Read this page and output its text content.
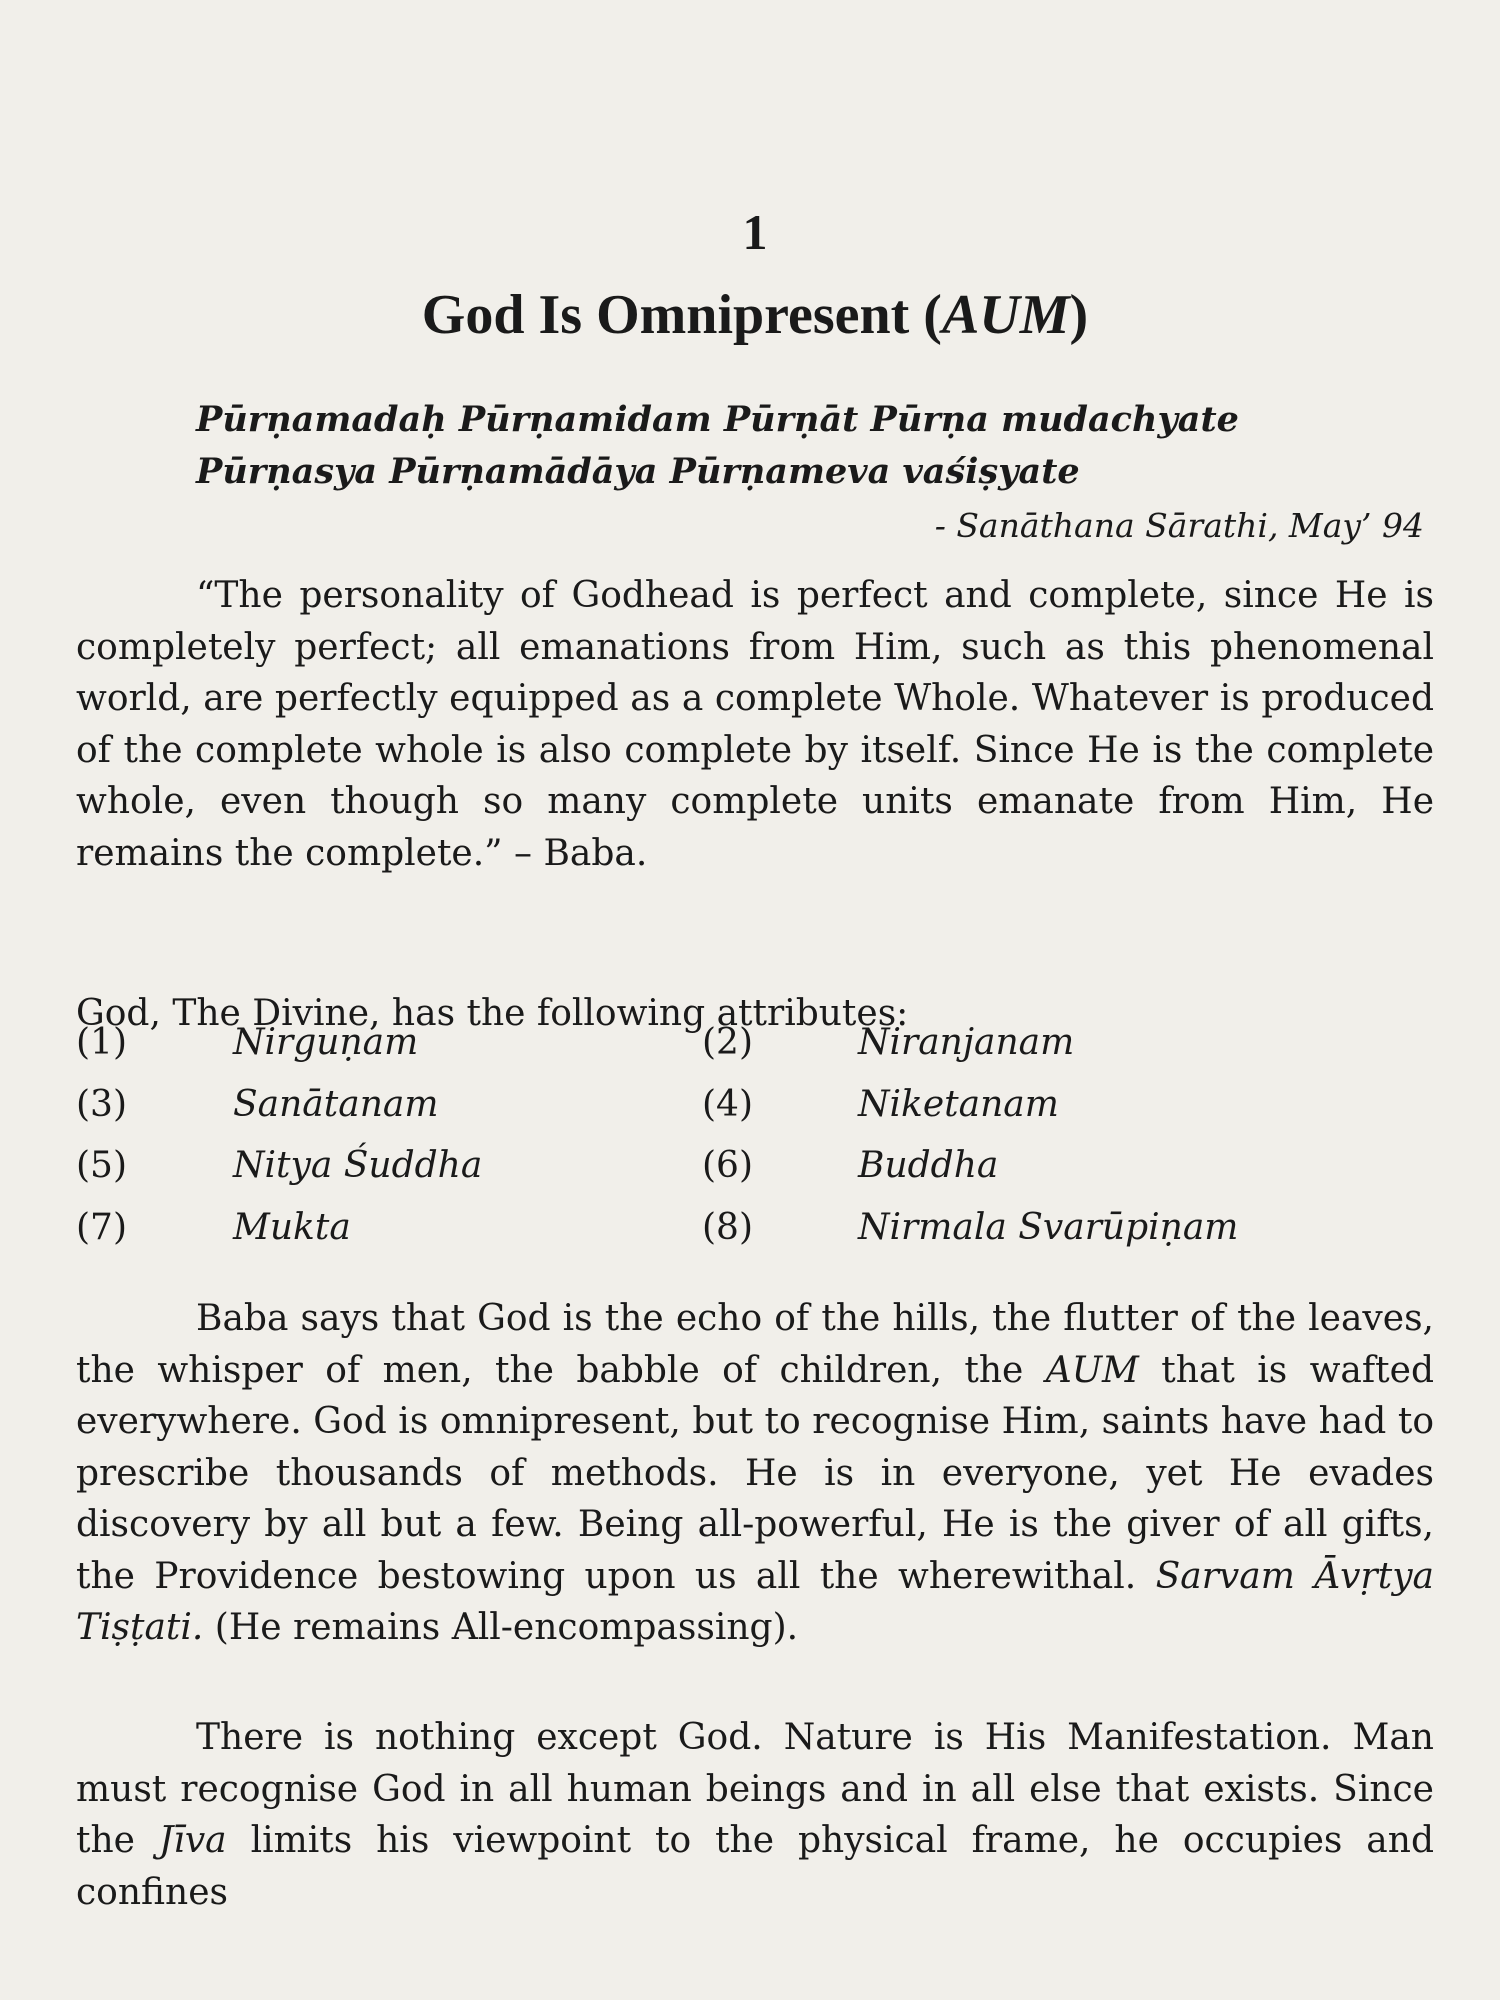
1
God Is Omnipresent (AUM)
Pūrṇamadaḥ Pūrṇamidam Pūrṇāt Pūrṇa mudachyate
Pūrṇasya Pūrṇamādāya Pūrṇameva vaśiṣyate
- Sanāthana Sārathi, May’ 94
“The personality of Godhead is perfect and complete, since He is completely perfect; all emanations from Him, such as this phenomenal world, are perfectly equipped as a complete Whole. Whatever is produced of the complete whole is also complete by itself. Since He is the complete whole, even though so many complete units emanate from Him, He remains the complete.” – Baba.
God, The Divine, has the following attributes:
(1)	Nirguṇam	(2)	Niranjanam
(3)	Sanātanam	(4)	Niketanam
(5)	Nitya Śuddha	(6)	Buddha
(7)	Mukta	(8)	Nirmala Svarūpiṇam
Baba says that God is the echo of the hills, the flutter of the leaves, the whisper of men, the babble of children, the AUM that is wafted everywhere. God is omnipresent, but to recognise Him, saints have had to prescribe thousands of methods. He is in everyone, yet He evades discovery by all but a few. Being all-powerful, He is the giver of all gifts, the Providence bestowing upon us all the wherewithal. Sarvam Āvṛtya Tiṣṭati. (He remains All-encompassing).
There is nothing except God. Nature is His Manifestation. Man must recognise God in all human beings and in all else that exists. Since the Jīva limits his viewpoint to the physical frame, he occupies and confines
